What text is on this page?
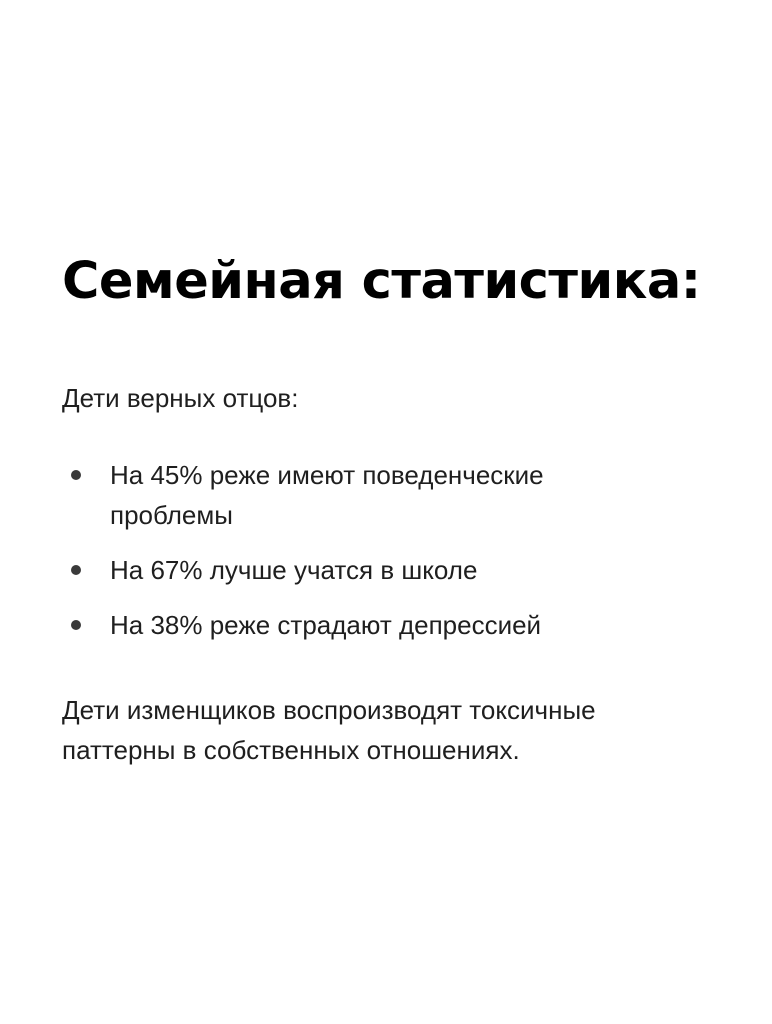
Семейная статистика:

Дети верных отцов:

На 45% реже имеют поведенческие проблемы
На 67% лучше учатся в школе
На 38% реже страдают депрессией

Дети изменщиков воспроизводят токсичные паттерны в собственных отношениях.
